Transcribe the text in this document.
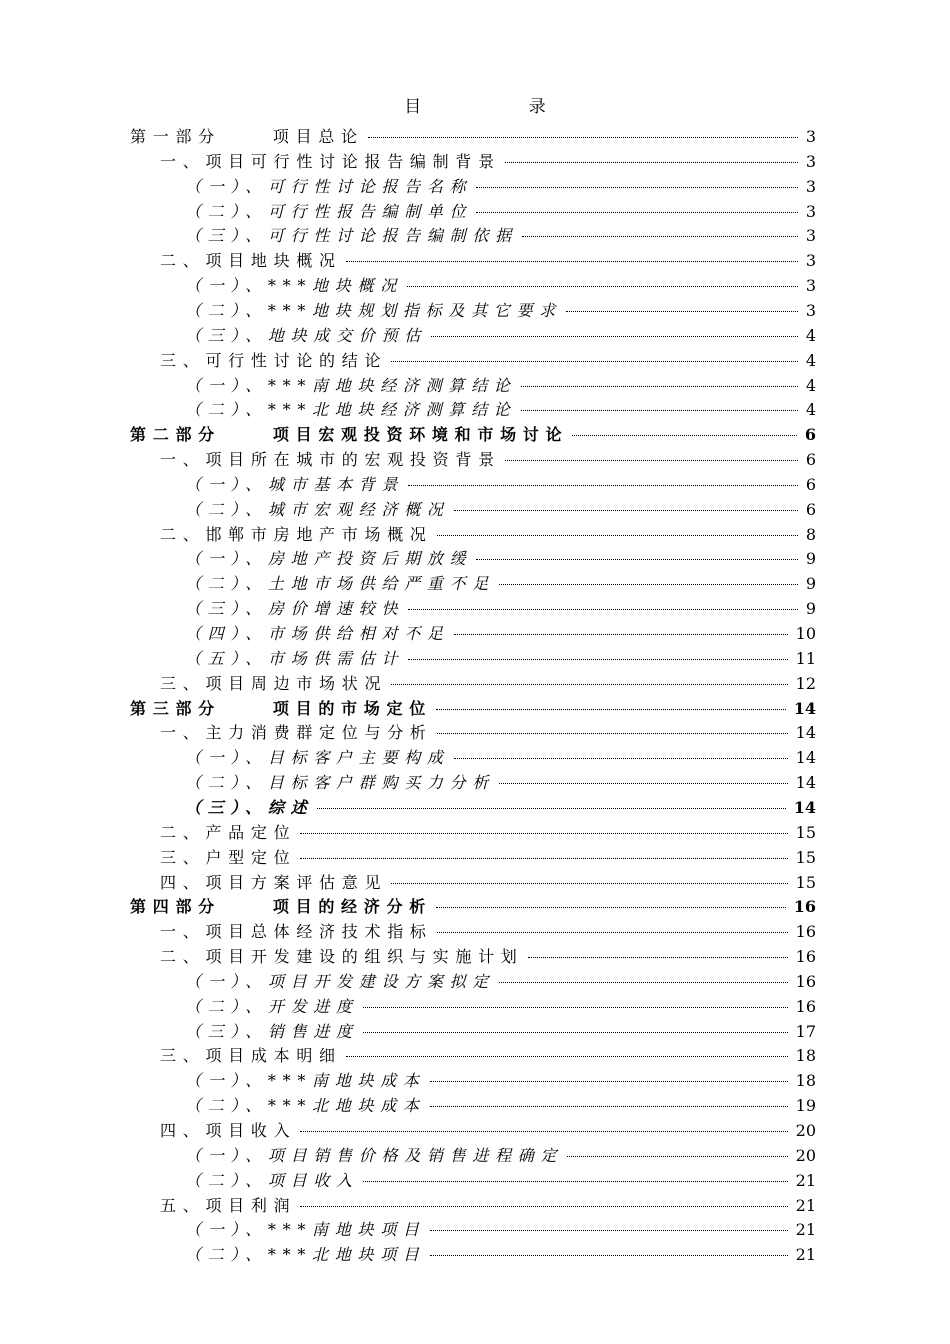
目 录
第一部分	项目总论	3
一、项目可行性讨论报告编制背景	3
（一）、可行性讨论报告名称	3
（二）、可行性报告编制单位	3
（三）、可行性讨论报告编制依据	3
二、项目地块概况	3
（一）、***地块概况	3
（二）、***地块规划指标及其它要求	3
（三）、地块成交价预估	4
三、可行性讨论的结论	4
（一）、***南地块经济测算结论	4
（二）、***北地块经济测算结论	4
第二部分	项目宏观投资环境和市场讨论	6
一、项目所在城市的宏观投资背景	6
（一）、城市基本背景	6
（二）、城市宏观经济概况	6
二、邯郸市房地产市场概况	8
（一）、房地产投资后期放缓	9
（二）、土地市场供给严重不足	9
（三）、房价增速较快	9
（四）、市场供给相对不足	10
（五）、市场供需估计	11
三、项目周边市场状况	12
第三部分	项目的市场定位	14
一、主力消费群定位与分析	14
（一）、目标客户主要构成	14
（二）、目标客户群购买力分析	14
（三）、综述	14
二、产品定位	15
三、户型定位	15
四、项目方案评估意见	15
第四部分	项目的经济分析	16
一、项目总体经济技术指标	16
二、项目开发建设的组织与实施计划	16
（一）、项目开发建设方案拟定	16
（二）、开发进度	16
（三）、销售进度	17
三、项目成本明细	18
（一）、***南地块成本	18
（二）、***北地块成本	19
四、项目收入	20
（一）、项目销售价格及销售进程确定	20
（二）、项目收入	21
五、项目利润	21
（一）、***南地块项目	21
（二）、***北地块项目	21
